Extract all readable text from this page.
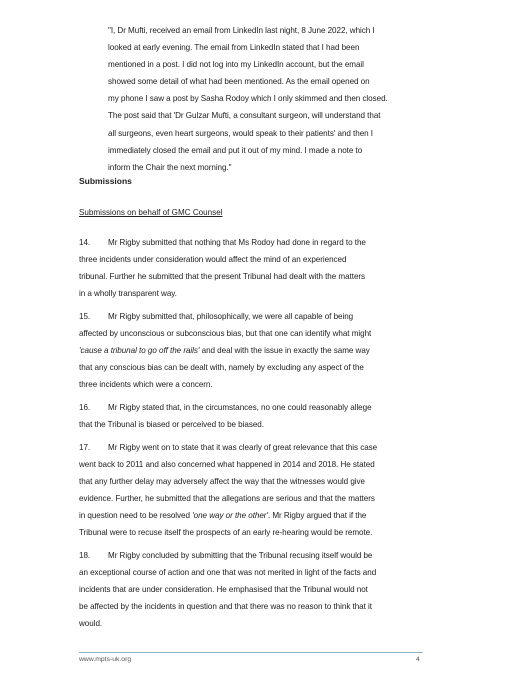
"I, Dr Mufti, received an email from LinkedIn last night, 8 June 2022, which I
looked at early evening. The email from LinkedIn stated that I had been
mentioned in a post. I did not log into my LinkedIn account, but the email
showed some detail of what had been mentioned. As the email opened on
my phone I saw a post by Sasha Rodoy which I only skimmed and then closed.
The post said that 'Dr Gulzar Mufti, a consultant surgeon, will understand that
all surgeons, even heart surgeons, would speak to their patients' and then I
immediately closed the email and put it out of my mind. I made a note to
inform the Chair the next morning."
Submissions
Submissions on behalf of GMC Counsel
14. Mr Rigby submitted that nothing that Ms Rodoy had done in regard to the
three incidents under consideration would affect the mind of an experienced
tribunal. Further he submitted that the present Tribunal had dealt with the matters
in a wholly transparent way.
15. Mr Rigby submitted that, philosophically, we were all capable of being
affected by unconscious or subconscious bias, but that one can identify what might
'cause a tribunal to go off the rails' and deal with the issue in exactly the same way
that any conscious bias can be dealt with, namely by excluding any aspect of the
three incidents which were a concern.
16. Mr Rigby stated that, in the circumstances, no one could reasonably allege
that the Tribunal is biased or perceived to be biased.
17. Mr Rigby went on to state that it was clearly of great relevance that this case
went back to 2011 and also concerned what happened in 2014 and 2018. He stated
that any further delay may adversely affect the way that the witnesses would give
evidence. Further, he submitted that the allegations are serious and that the matters
in question need to be resolved 'one way or the other'. Mr Rigby argued that if the
Tribunal were to recuse itself the prospects of an early re-hearing would be remote.
18. Mr Rigby concluded by submitting that the Tribunal recusing itself would be
an exceptional course of action and one that was not merited in light of the facts and
incidents that are under consideration. He emphasised that the Tribunal would not
be affected by the incidents in question and that there was no reason to think that it
would.
www.mpts-uk.org	4
